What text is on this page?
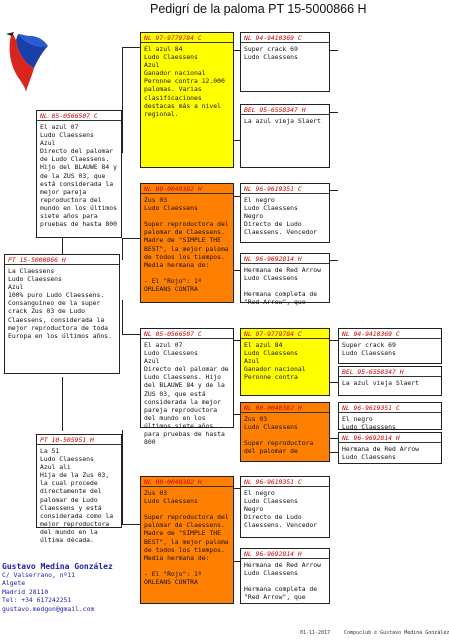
Pedigrí de la paloma PT 15-5000866 H
PT 15-5000866 H
La Claessens
Ludo Claessens
Azul
100% puro Ludo Claessens.
Consanguíneo de la super crack Zus 03 de Ludo Claessens, considerada la mejor reproductora de toda Europa en los últimos años.
NL 05-0566507 C
El azul 07
Ludo Claessens
Azul
Directo del palomar de Ludo Claessens. Hijo del BLAUWE 84 y de la ZUS 03, que está considerada la mejor pareja reproductora del mundo en los últimos siete años para pruebas de hasta 800
PT 10-505951 H
La 51
Ludo Claessens
Azul ali
Hija de la Zus 03, la cual procede directamente del palomar de Ludo Claessens y está considerada como la mejor reproductora del mundo en la última década.
NL 97-9779784 C
El azul 84
Ludo Claessens
Azul
Ganador nacional Peronne contra 12.000 palomas. Varias clasificaciones destacas más a nivel regional.
NL 00-0040382 H
Zus 03
Ludo Claessens

Super reproductora del palomar de Claessens. Madre de "SIMPLE THE BEST", la mejor paloma de todos los tiempos. Media hermana de:

- El "Rojo": 1º ORLEANS CONTRA
NL 05-0566507 C
El azul 07
Ludo Claessens
Azul
Directo del palomar de Ludo Claessens. Hijo del BLAUWE 84 y de la ZUS 03, que está considerada la mejor pareja reproductora del mundo en los últimos siete años para pruebas de hasta 800
NL 00-0040382 H
Zus 03
Ludo Claessens

Super reproductora del palomar de Claessens. Madre de "SIMPLE THE BEST", la mejor paloma de todos los tiempos. Media hermana de:

- El "Rojo": 1º ORLEANS CONTRA
NL 94-9410369 C
Super crack 69
Ludo Claessens
BEL 95-6558347 H
La azul vieja Slaert
NL 96-9619351 C
El negro
Ludo Claessens
Negro
Directo de Ludo Claessens. Vencedor
NL 96-9692814 H
Hermana de Red Arrow
Ludo Claessens

Hermana completa de "Red Arrow", que
NL 97-9779784 C
El azul 84
Ludo Claessens
Azul
Ganador nacional Peronne contra
NL 00-0040382 H
Zus 03
Ludo Claessens

Super reproductora del palomar de
NL 96-9619351 C
El negro
Ludo Claessens
Negro
Directo de Ludo Claessens. Vencedor
NL 96-9692814 H
Hermana de Red Arrow
Ludo Claessens

Hermana completa de "Red Arrow", que
NL 94-9410369 C
Super crack 69
Ludo Claessens
BEL 95-6558347 H
La azul vieja Slaert
NL 96-9619351 C
El negro
Ludo Claessens
NL 96-9692814 H
Hermana de Red Arrow
Ludo Claessens
Gustavo Medina González
C/ Valserrano, nº11
Algete
Madrid 28110
Tel: +34 617242251
gustavo.medgon@gmail.com
01-11-2017	Compuclub © Gustavo Medina González
